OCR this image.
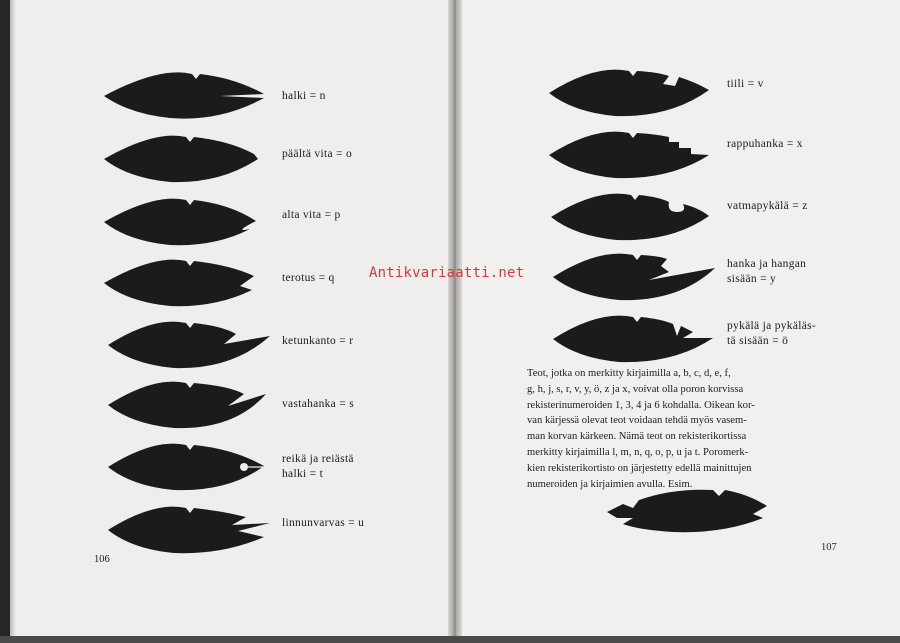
halki = n
päältä vita = o
alta vita = p
terotus = q
ketunkanto = r
vastahanka = s
reikä ja reiästä
halki = t
linnunvarvas = u
106
tiili = v
rappuhanka = x
vatmapykälä = z
hanka ja hangan
sisään = y
pykälä ja pykäläs-
tä sisään = ö
Teot, jotka on merkitty kirjaimilla a, b, c, d, e, f,
g, h, j, s, r, v, y, ö, z ja x, voivat olla poron korvissa
rekisterinumeroiden 1, 3, 4 ja 6 kohdalla. Oikean kor-
van kärjessä olevat teot voidaan tehdä myös vasem-
man korvan kärkeen. Nämä teot on rekisterikortissa
merkitty kirjaimilla l, m, n, q, o, p, u ja t. Poromerk-
kien rekisterikortisto on järjestetty edellä mainittujen
numeroiden ja kirjaimien avulla. Esim.
107
Antikvariaatti.net
